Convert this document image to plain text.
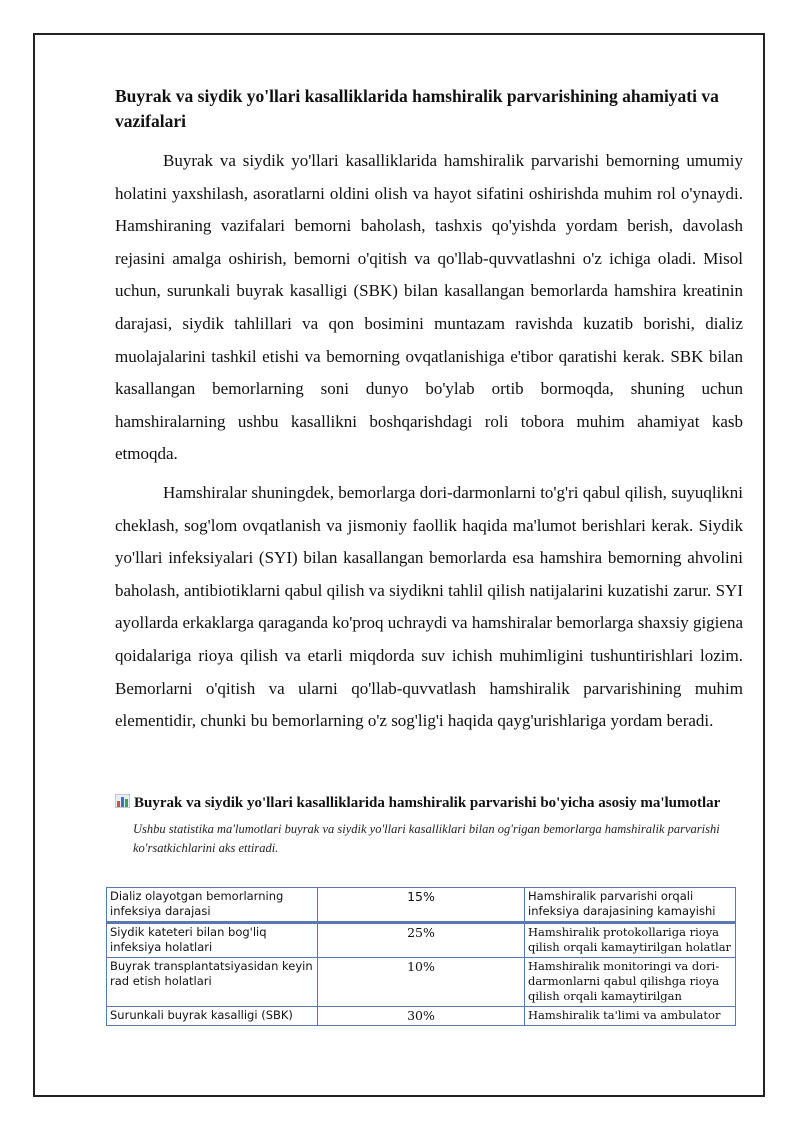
Buyrak va siydik yo'llari kasalliklarida hamshiralik parvarishining ahamiyati va vazifalari

Buyrak va siydik yo'llari kasalliklarida hamshiralik parvarishi bemorning umumiy holatini yaxshilash, asoratlarni oldini olish va hayot sifatini oshirishda muhim rol o'ynaydi. Hamshiraning vazifalari bemorni baholash, tashxis qo'yishda yordam berish, davolash rejasini amalga oshirish, bemorni o'qitish va qo'llab-quvvatlashni o'z ichiga oladi. Misol uchun, surunkali buyrak kasalligi (SBK) bilan kasallangan bemorlarda hamshira kreatinin darajasi, siydik tahlillari va qon bosimini muntazam ravishda kuzatib borishi, dializ muolajalarini tashkil etishi va bemorning ovqatlanishiga e'tibor qaratishi kerak. SBK bilan kasallangan bemorlarning soni dunyo bo'ylab ortib bormoqda, shuning uchun hamshiralarning ushbu kasallikni boshqarishdagi roli tobora muhim ahamiyat kasb etmoqda.

Hamshiralar shuningdek, bemorlarga dori-darmonlarni to'g'ri qabul qilish, suyuqlikni cheklash, sog'lom ovqatlanish va jismoniy faollik haqida ma'lumot berishlari kerak. Siydik yo'llari infeksiyalari (SYI) bilan kasallangan bemorlarda esa hamshira bemorning ahvolini baholash, antibiotiklarni qabul qilish va siydikni tahlil qilish natijalarini kuzatishi zarur. SYI ayollarda erkaklarga qaraganda ko'proq uchraydi va hamshiralar bemorlarga shaxsiy gigiena qoidalariga rioya qilish va etarli miqdorda suv ichish muhimligini tushuntirishlari lozim. Bemorlarni o'qitish va ularni qo'llab-quvvatlash hamshiralik parvarishining muhim elementidir, chunki bu bemorlarning o'z sog'lig'i haqida qayg'urishlariga yordam beradi.

Buyrak va siydik yo'llari kasalliklarida hamshiralik parvarishi bo'yicha asosiy ma'lumotlar
Ushbu statistika ma'lumotlari buyrak va siydik yo'llari kasalliklari bilan og'rigan bemorlarga hamshiralik parvarishi ko'rsatkichlarini aks ettiradi.
Dializ olayotgan bemorlarning infeksiya darajasi	15%	Hamshiralik parvarishi orqali infeksiya darajasining kamayishi
Siydik kateteri bilan bog'liq infeksiya holatlari	25%	Hamshiralik protokollariga rioya qilish orqali kamaytirilgan holatlar
Buyrak transplantatsiyasidan keyin rad etish holatlari	10%	Hamshiralik monitoringi va dori-darmonlarni qabul qilishga rioya qilish orqali kamaytirilgan
Surunkali buyrak kasalligi (SBK)	30%	Hamshiralik ta'limi va ambulator
